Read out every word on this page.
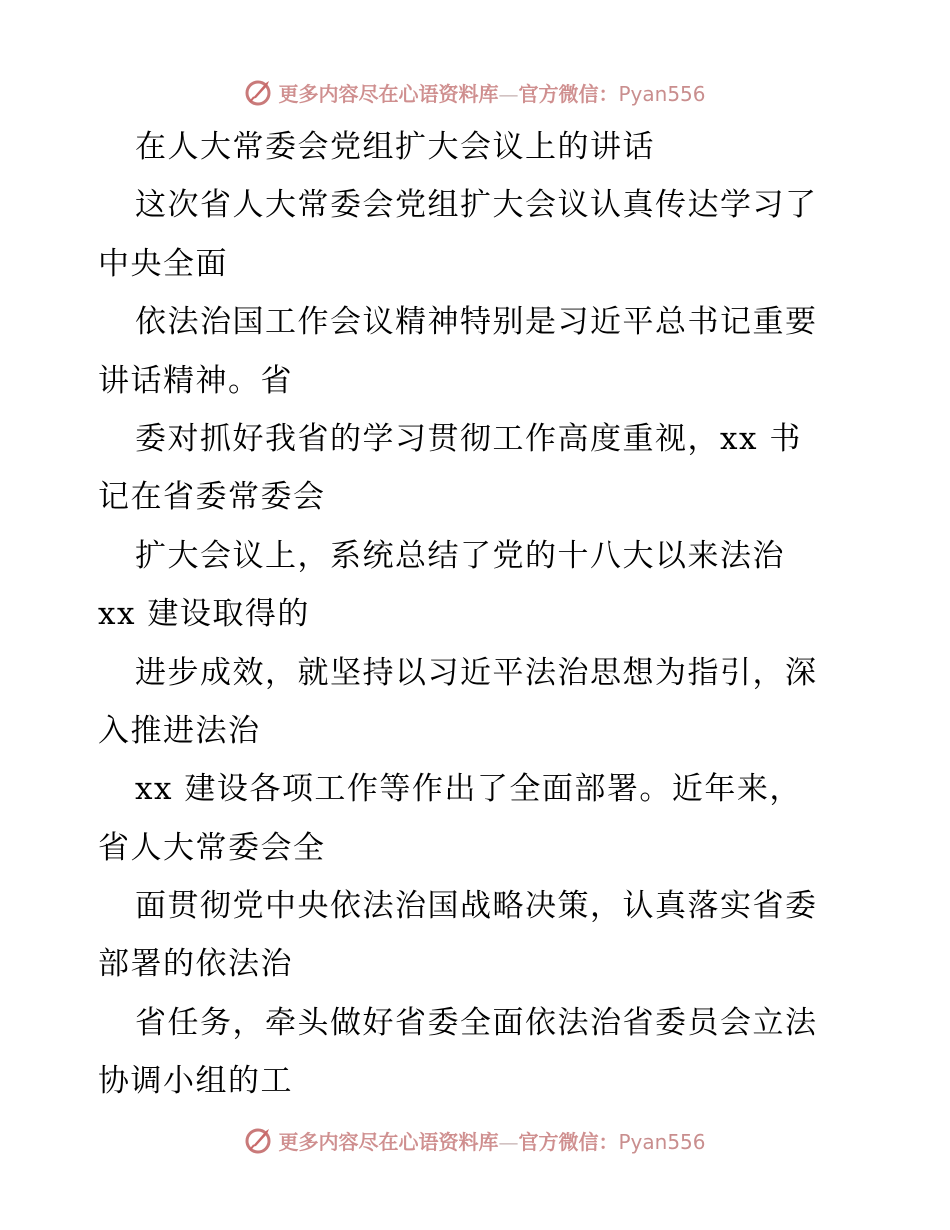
更多内容尽在心语资料库—官方微信：Pyan556
在人大常委会党组扩大会议上的讲话
这次省人大常委会党组扩大会议认真传达学习了
中央全面
依法治国工作会议精神特别是习近平总书记重要
讲话精神。省
委对抓好我省的学习贯彻工作高度重视，xx 书
记在省委常委会
扩大会议上，系统总结了党的十八大以来法治
xx 建设取得的
进步成效，就坚持以习近平法治思想为指引，深
入推进法治
xx 建设各项工作等作出了全面部署。近年来，
省人大常委会全
面贯彻党中央依法治国战略决策，认真落实省委
部署的依法治
省任务，牵头做好省委全面依法治省委员会立法
协调小组的工
更多内容尽在心语资料库—官方微信：Pyan556
